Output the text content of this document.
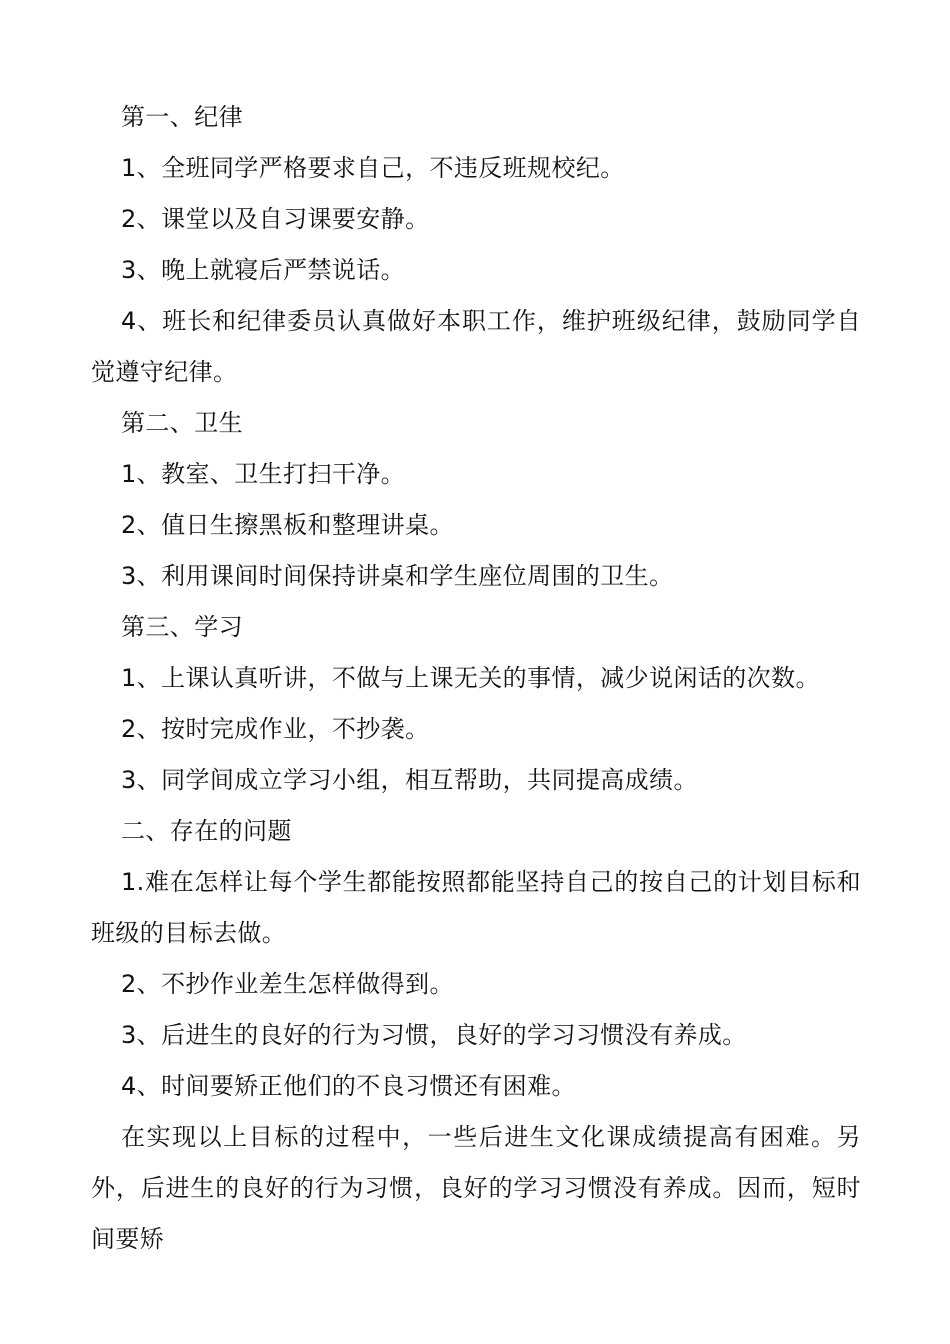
第一、纪律

1、全班同学严格要求自己，不违反班规校纪。

2、课堂以及自习课要安静。

3、晚上就寝后严禁说话。

4、班长和纪律委员认真做好本职工作，维护班级纪律，鼓励同学自觉遵守纪律。

第二、卫生

1、教室、卫生打扫干净。

2、值日生擦黑板和整理讲桌。

3、利用课间时间保持讲桌和学生座位周围的卫生。

第三、学习

1、上课认真听讲，不做与上课无关的事情，减少说闲话的次数。

2、按时完成作业，不抄袭。

3、同学间成立学习小组，相互帮助，共同提高成绩。

二、存在的问题

1.难在怎样让每个学生都能按照都能坚持自己的按自己的计划目标和班级的目标去做。

2、不抄作业差生怎样做得到。

3、后进生的良好的行为习惯，良好的学习习惯没有养成。

4、时间要矫正他们的不良习惯还有困难。

在实现以上目标的过程中，一些后进生文化课成绩提高有困难。另外，后进生的良好的行为习惯，良好的学习习惯没有养成。因而，短时间要矫
